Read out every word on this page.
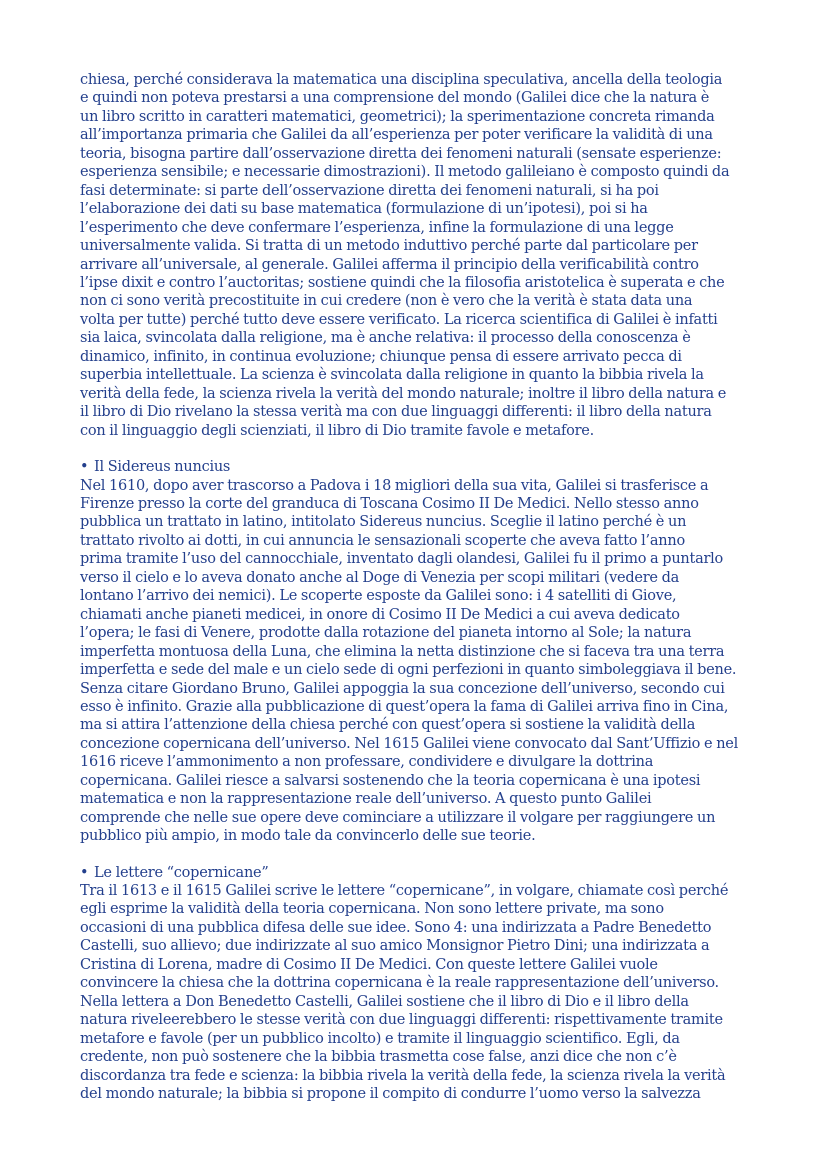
chiesa, perché considerava la matematica una disciplina speculativa, ancella della teologia
e quindi non poteva prestarsi a una comprensione del mondo (Galilei dice che la natura è
un libro scritto in caratteri matematici, geometrici); la sperimentazione concreta rimanda
all’importanza primaria che Galilei da all’esperienza per poter verificare la validità di una
teoria, bisogna partire dall’osservazione diretta dei fenomeni naturali (sensate esperienze:
esperienza sensibile; e necessarie dimostrazioni). Il metodo galileiano è composto quindi da
fasi determinate: si parte dell’osservazione diretta dei fenomeni naturali, si ha poi
l’elaborazione dei dati su base matematica (formulazione di un’ipotesi), poi si ha
l’esperimento che deve confermare l’esperienza, infine la formulazione di una legge
universalmente valida. Si tratta di un metodo induttivo perché parte dal particolare per
arrivare all’universale, al generale. Galilei afferma il principio della verificabilità contro
l’ipse dixit e contro l’auctoritas; sostiene quindi che la filosofia aristotelica è superata e che
non ci sono verità precostituite in cui credere (non è vero che la verità è stata data una
volta per tutte) perché tutto deve essere verificato. La ricerca scientifica di Galilei è infatti
sia laica, svincolata dalla religione, ma è anche relativa: il processo della conoscenza è
dinamico, infinito, in continua evoluzione; chiunque pensa di essere arrivato pecca di
superbia intellettuale. La scienza è svincolata dalla religione in quanto la bibbia rivela la
verità della fede, la scienza rivela la verità del mondo naturale; inoltre il libro della natura e
il libro di Dio rivelano la stessa verità ma con due linguaggi differenti: il libro della natura
con il linguaggio degli scienziati, il libro di Dio tramite favole e metafore.

• Il Sidereus nuncius

Nel 1610, dopo aver trascorso a Padova i 18 migliori della sua vita, Galilei si trasferisce a
Firenze presso la corte del granduca di Toscana Cosimo II De Medici. Nello stesso anno
pubblica un trattato in latino, intitolato Sidereus nuncius. Sceglie il latino perché è un
trattato rivolto ai dotti, in cui annuncia le sensazionali scoperte che aveva fatto l’anno
prima tramite l’uso del cannocchiale, inventato dagli olandesi, Galilei fu il primo a puntarlo
verso il cielo e lo aveva donato anche al Doge di Venezia per scopi militari (vedere da
lontano l’arrivo dei nemici). Le scoperte esposte da Galilei sono: i 4 satelliti di Giove,
chiamati anche pianeti medicei, in onore di Cosimo II De Medici a cui aveva dedicato
l’opera; le fasi di Venere, prodotte dalla rotazione del pianeta intorno al Sole; la natura
imperfetta montuosa della Luna, che elimina la netta distinzione che si faceva tra una terra
imperfetta e sede del male e un cielo sede di ogni perfezioni in quanto simboleggiava il bene.
Senza citare Giordano Bruno, Galilei appoggia la sua concezione dell’universo, secondo cui
esso è infinito. Grazie alla pubblicazione di quest’opera la fama di Galilei arriva fino in Cina,
ma si attira l’attenzione della chiesa perché con quest’opera si sostiene la validità della
concezione copernicana dell’universo. Nel 1615 Galilei viene convocato dal Sant’Uffizio e nel
1616 riceve l’ammonimento a non professare, condividere e divulgare la dottrina
copernicana. Galilei riesce a salvarsi sostenendo che la teoria copernicana è una ipotesi
matematica e non la rappresentazione reale dell’universo. A questo punto Galilei
comprende che nelle sue opere deve cominciare a utilizzare il volgare per raggiungere un
pubblico più ampio, in modo tale da convincerlo delle sue teorie.

• Le lettere “copernicane”

Tra il 1613 e il 1615 Galilei scrive le lettere “copernicane”, in volgare, chiamate così perché
egli esprime la validità della teoria copernicana. Non sono lettere private, ma sono
occasioni di una pubblica difesa delle sue idee. Sono 4: una indirizzata a Padre Benedetto
Castelli, suo allievo; due indirizzate al suo amico Monsignor Pietro Dini; una indirizzata a
Cristina di Lorena, madre di Cosimo II De Medici. Con queste lettere Galilei vuole
convincere la chiesa che la dottrina copernicana è la reale rappresentazione dell’universo.
Nella lettera a Don Benedetto Castelli, Galilei sostiene che il libro di Dio e il libro della
natura riveleerebbero le stesse verità con due linguaggi differenti: rispettivamente tramite
metafore e favole (per un pubblico incolto) e tramite il linguaggio scientifico. Egli, da
credente, non può sostenere che la bibbia trasmetta cose false, anzi dice che non c’è
discordanza tra fede e scienza: la bibbia rivela la verità della fede, la scienza rivela la verità
del mondo naturale; la bibbia si propone il compito di condurre l’uomo verso la salvezza
